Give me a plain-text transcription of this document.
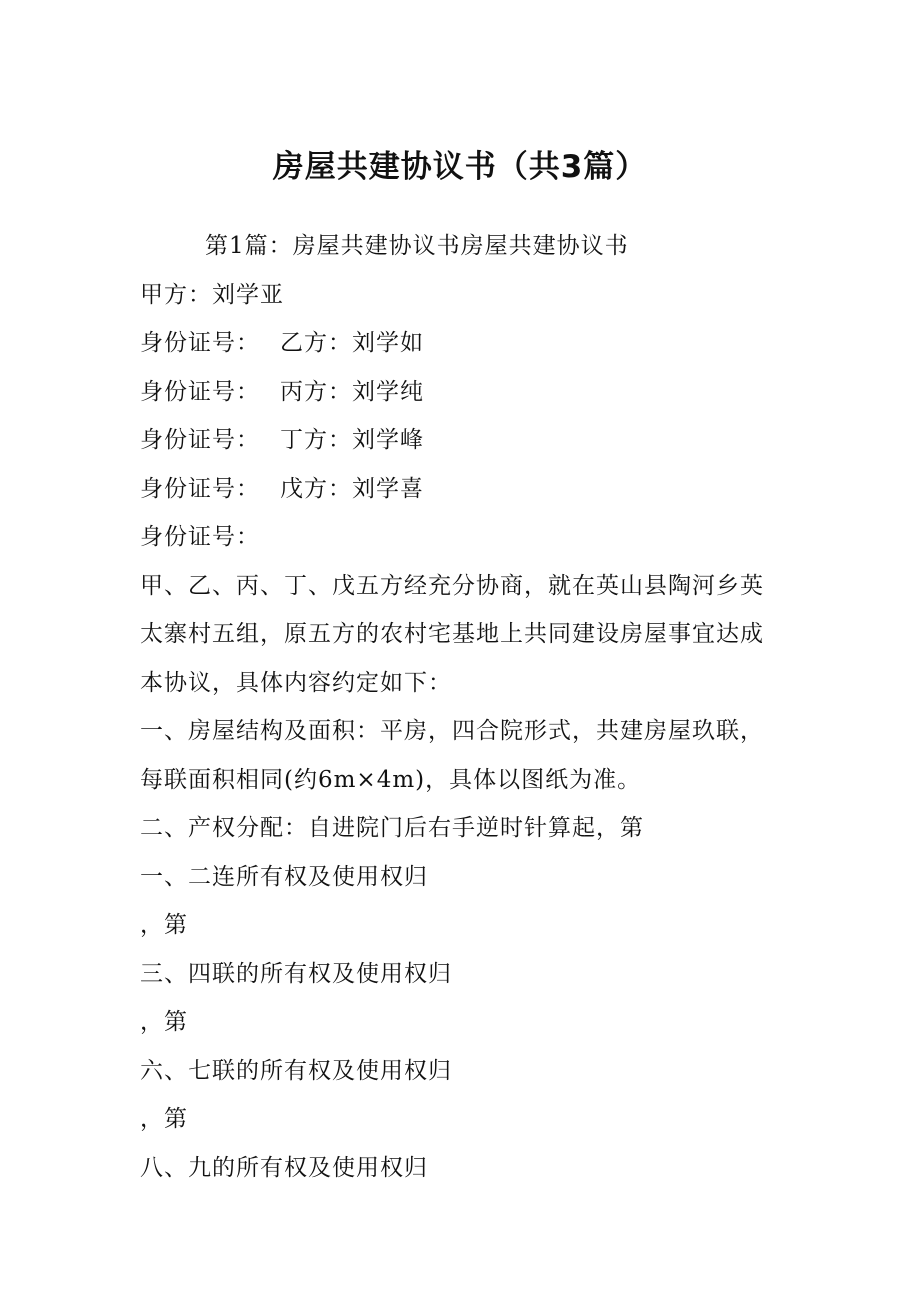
房屋共建协议书（共3篇）

第1篇：房屋共建协议书房屋共建协议书

甲方：刘学亚

身份证号： 乙方：刘学如

身份证号： 丙方：刘学纯

身份证号： 丁方：刘学峰

身份证号： 戊方：刘学喜

身份证号：

甲、乙、丙、丁、戊五方经充分协商，就在英山县陶河乡英

太寨村五组，原五方的农村宅基地上共同建设房屋事宜达成

本协议，具体内容约定如下：

一、房屋结构及面积：平房，四合院形式，共建房屋玖联，

每联面积相同(约6m×4m)，具体以图纸为准。

二、产权分配：自进院门后右手逆时针算起，第

一、二连所有权及使用权归

，第

三、四联的所有权及使用权归

，第

六、七联的所有权及使用权归

，第

八、九的所有权及使用权归
